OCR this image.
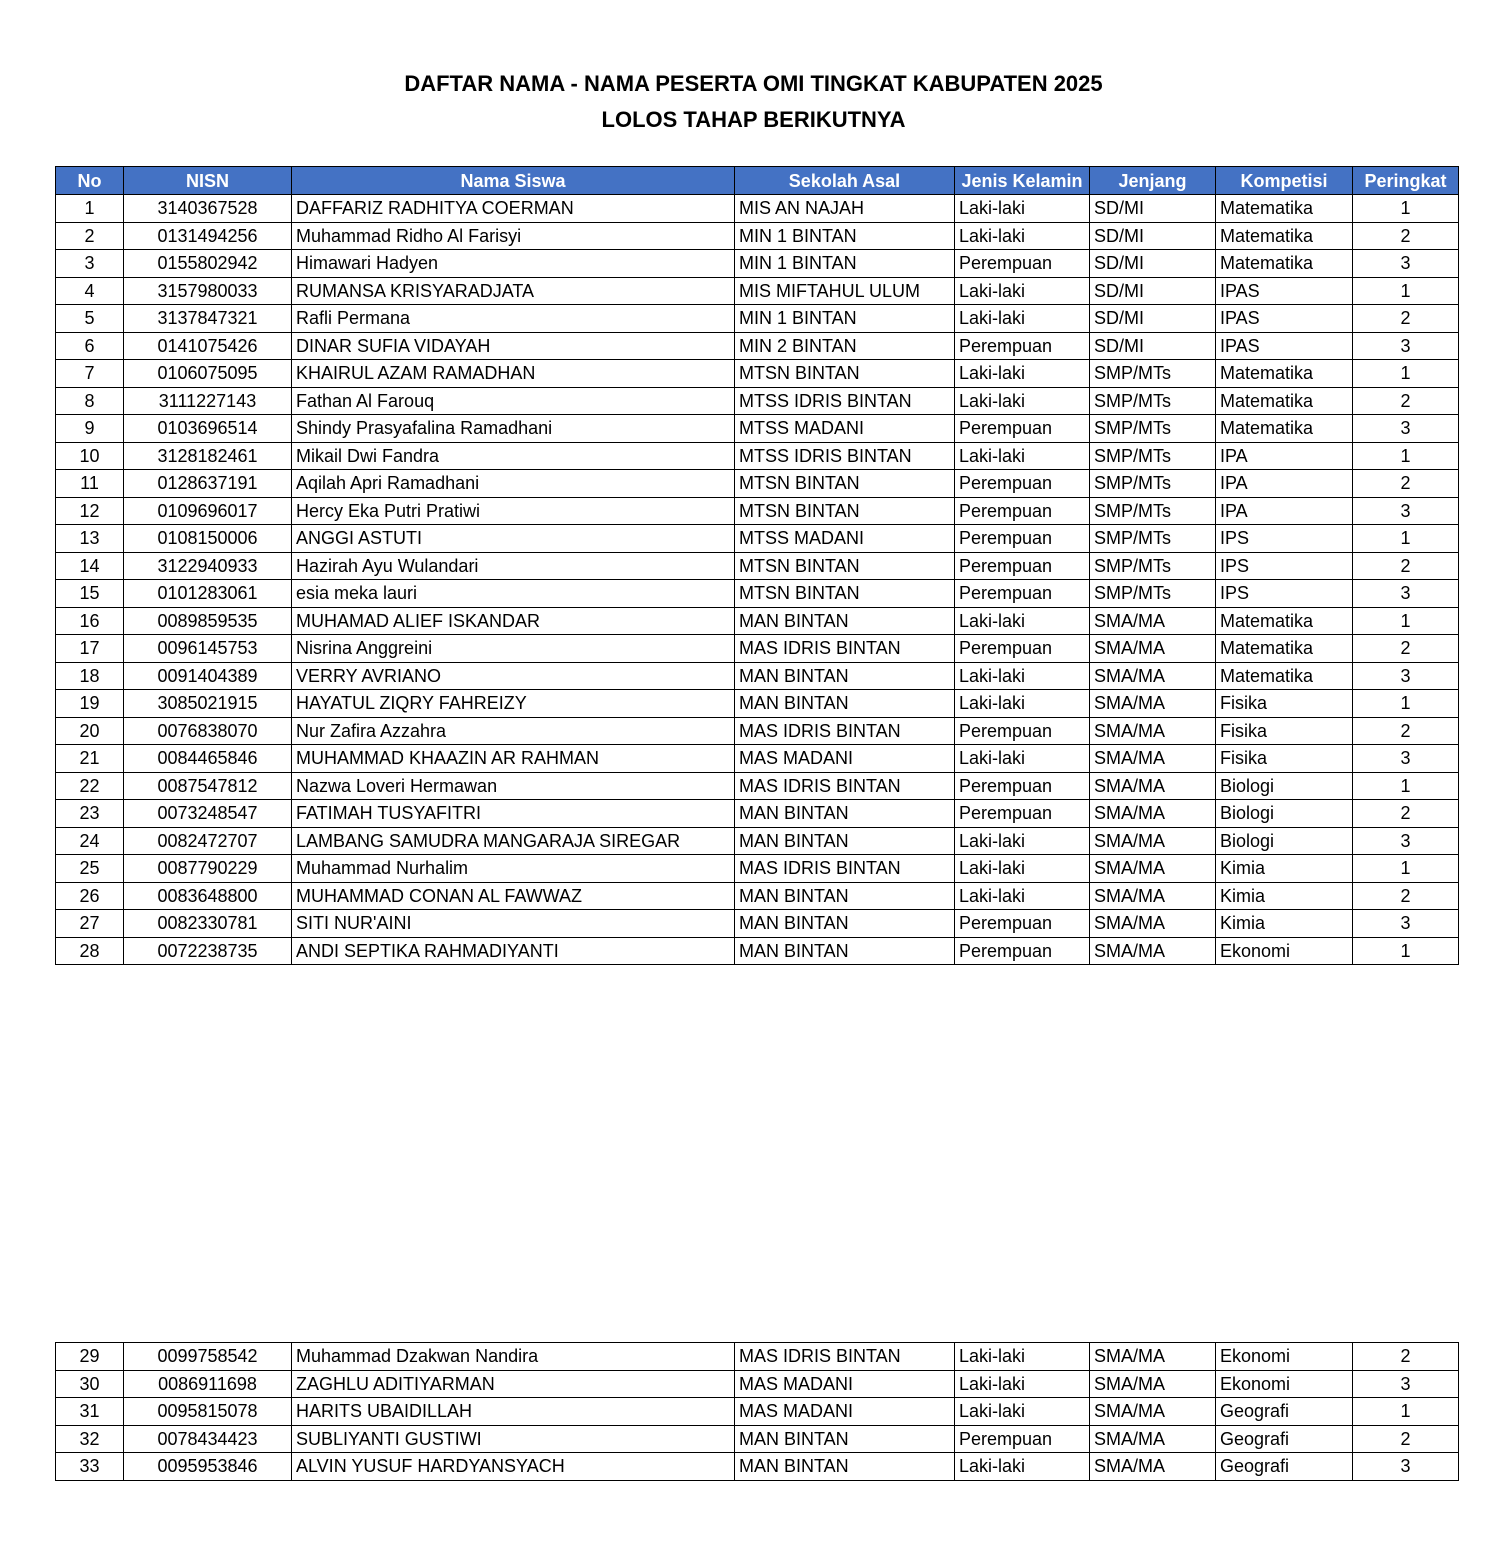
DAFTAR NAMA - NAMA PESERTA OMI TINGKAT KABUPATEN 2025
LOLOS TAHAP BERIKUTNYA
No	NISN	Nama Siswa	Sekolah Asal	Jenis Kelamin	Jenjang	Kompetisi	Peringkat
1	3140367528	DAFFARIZ RADHITYA COERMAN	MIS AN NAJAH	Laki-laki	SD/MI	Matematika	1
2	0131494256	Muhammad Ridho Al Farisyi	MIN 1 BINTAN	Laki-laki	SD/MI	Matematika	2
3	0155802942	Himawari Hadyen	MIN 1 BINTAN	Perempuan	SD/MI	Matematika	3
4	3157980033	RUMANSA KRISYARADJATA	MIS MIFTAHUL ULUM	Laki-laki	SD/MI	IPAS	1
5	3137847321	Rafli Permana	MIN 1 BINTAN	Laki-laki	SD/MI	IPAS	2
6	0141075426	DINAR SUFIA VIDAYAH	MIN 2 BINTAN	Perempuan	SD/MI	IPAS	3
7	0106075095	KHAIRUL AZAM RAMADHAN	MTSN BINTAN	Laki-laki	SMP/MTs	Matematika	1
8	3111227143	Fathan Al Farouq	MTSS IDRIS BINTAN	Laki-laki	SMP/MTs	Matematika	2
9	0103696514	Shindy Prasyafalina Ramadhani	MTSS MADANI	Perempuan	SMP/MTs	Matematika	3
10	3128182461	Mikail Dwi Fandra	MTSS IDRIS BINTAN	Laki-laki	SMP/MTs	IPA	1
11	0128637191	Aqilah Apri Ramadhani	MTSN BINTAN	Perempuan	SMP/MTs	IPA	2
12	0109696017	Hercy Eka Putri Pratiwi	MTSN BINTAN	Perempuan	SMP/MTs	IPA	3
13	0108150006	ANGGI ASTUTI	MTSS MADANI	Perempuan	SMP/MTs	IPS	1
14	3122940933	Hazirah Ayu Wulandari	MTSN BINTAN	Perempuan	SMP/MTs	IPS	2
15	0101283061	esia meka lauri	MTSN BINTAN	Perempuan	SMP/MTs	IPS	3
16	0089859535	MUHAMAD ALIEF ISKANDAR	MAN BINTAN	Laki-laki	SMA/MA	Matematika	1
17	0096145753	Nisrina Anggreini	MAS IDRIS BINTAN	Perempuan	SMA/MA	Matematika	2
18	0091404389	VERRY AVRIANO	MAN BINTAN	Laki-laki	SMA/MA	Matematika	3
19	3085021915	HAYATUL ZIQRY FAHREIZY	MAN BINTAN	Laki-laki	SMA/MA	Fisika	1
20	0076838070	Nur Zafira Azzahra	MAS IDRIS BINTAN	Perempuan	SMA/MA	Fisika	2
21	0084465846	MUHAMMAD KHAAZIN AR RAHMAN	MAS MADANI	Laki-laki	SMA/MA	Fisika	3
22	0087547812	Nazwa Loveri Hermawan	MAS IDRIS BINTAN	Perempuan	SMA/MA	Biologi	1
23	0073248547	FATIMAH TUSYAFITRI	MAN BINTAN	Perempuan	SMA/MA	Biologi	2
24	0082472707	LAMBANG SAMUDRA MANGARAJA SIREGAR	MAN BINTAN	Laki-laki	SMA/MA	Biologi	3
25	0087790229	Muhammad Nurhalim	MAS IDRIS BINTAN	Laki-laki	SMA/MA	Kimia	1
26	0083648800	MUHAMMAD CONAN AL FAWWAZ	MAN BINTAN	Laki-laki	SMA/MA	Kimia	2
27	0082330781	SITI NUR'AINI	MAN BINTAN	Perempuan	SMA/MA	Kimia	3
28	0072238735	ANDI SEPTIKA RAHMADIYANTI	MAN BINTAN	Perempuan	SMA/MA	Ekonomi	1
29	0099758542	Muhammad Dzakwan Nandira	MAS IDRIS BINTAN	Laki-laki	SMA/MA	Ekonomi	2
30	0086911698	ZAGHLU ADITIYARMAN	MAS MADANI	Laki-laki	SMA/MA	Ekonomi	3
31	0095815078	HARITS UBAIDILLAH	MAS MADANI	Laki-laki	SMA/MA	Geografi	1
32	0078434423	SUBLIYANTI GUSTIWI	MAN BINTAN	Perempuan	SMA/MA	Geografi	2
33	0095953846	ALVIN YUSUF HARDYANSYACH	MAN BINTAN	Laki-laki	SMA/MA	Geografi	3
